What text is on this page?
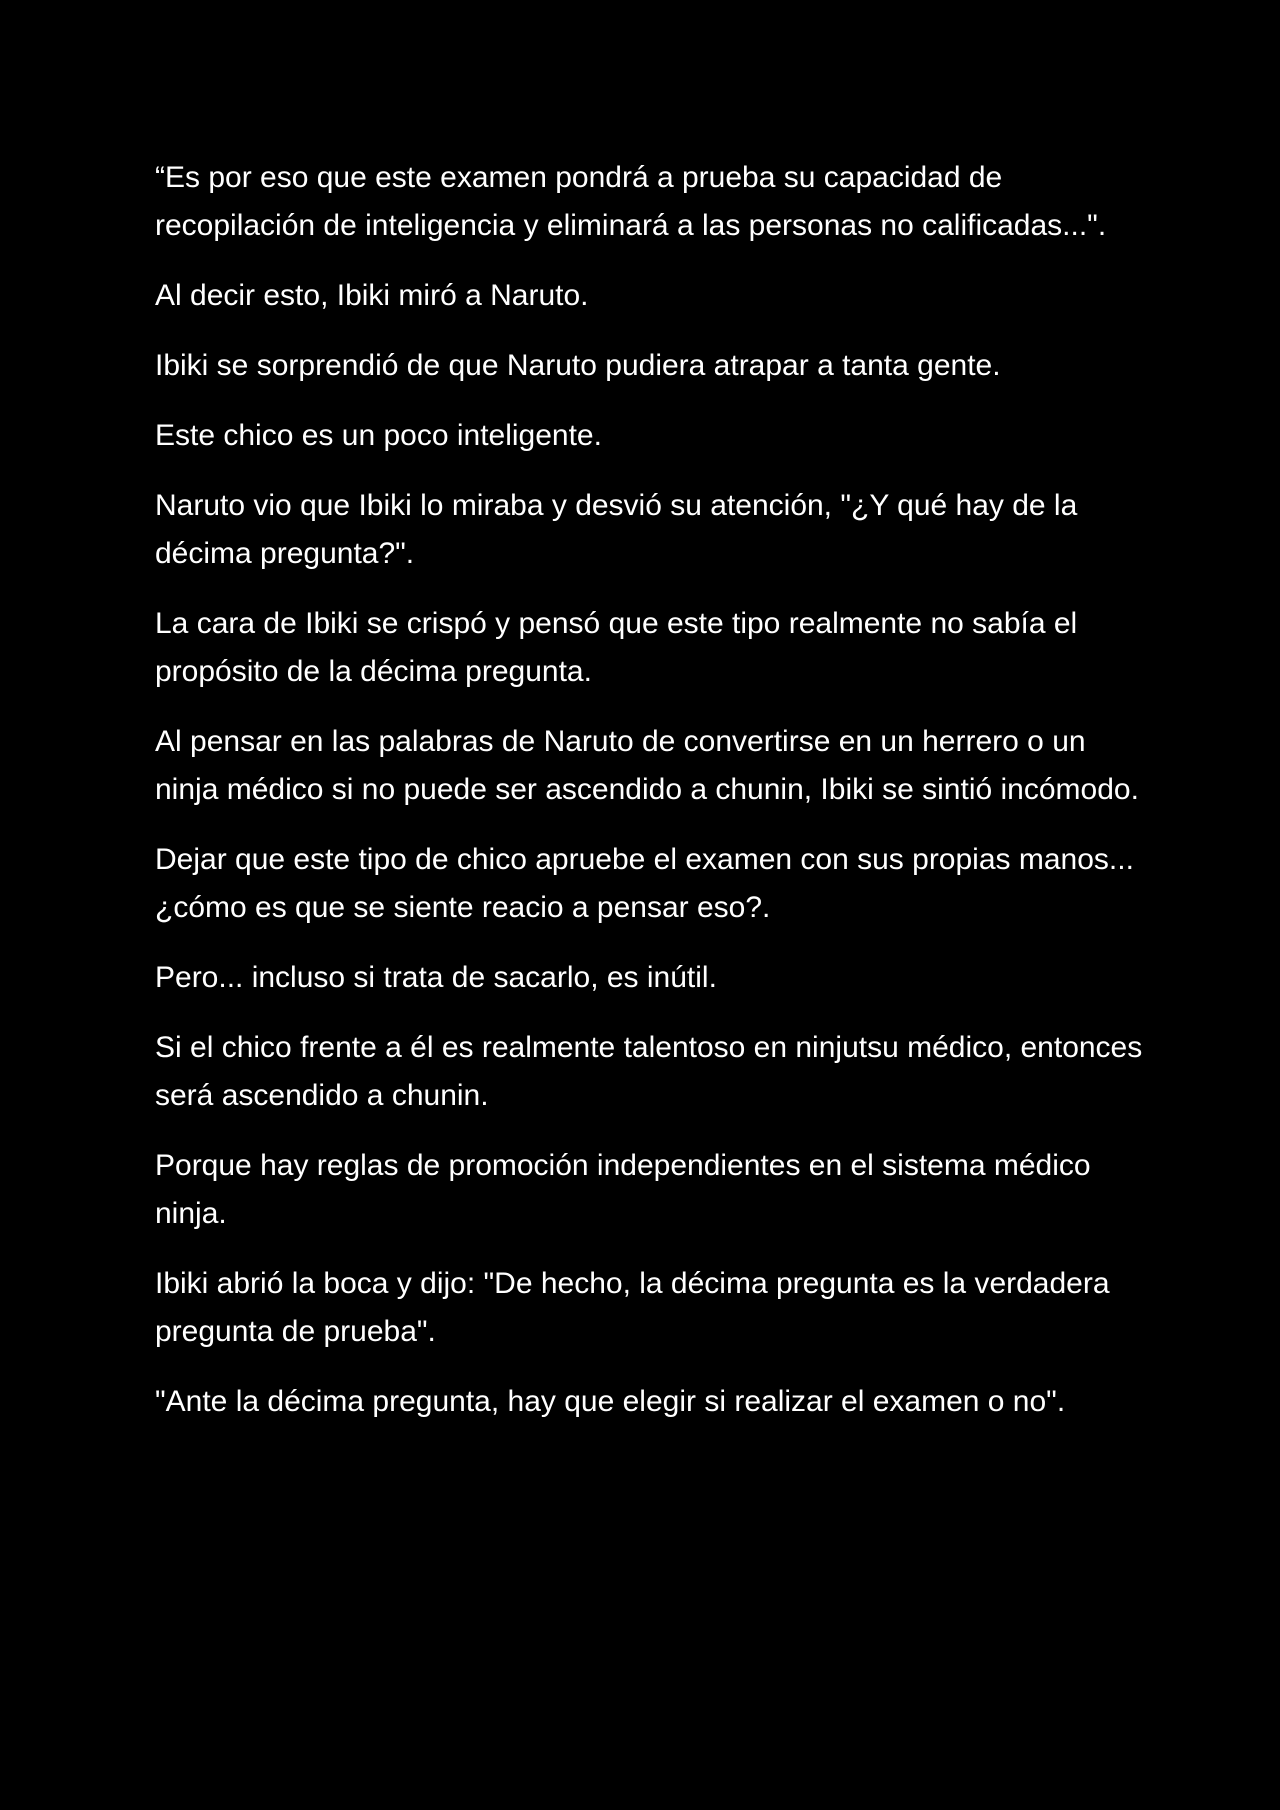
“Es por eso que este examen pondrá a prueba su capacidad de recopilación de inteligencia y eliminará a las personas no calificadas...".

Al decir esto, Ibiki miró a Naruto.

Ibiki se sorprendió de que Naruto pudiera atrapar a tanta gente.

Este chico es un poco inteligente.

Naruto vio que Ibiki lo miraba y desvió su atención, "¿Y qué hay de la décima pregunta?".

La cara de Ibiki se crispó y pensó que este tipo realmente no sabía el propósito de la décima pregunta.

Al pensar en las palabras de Naruto de convertirse en un herrero o un ninja médico si no puede ser ascendido a chunin, Ibiki se sintió incómodo.

Dejar que este tipo de chico apruebe el examen con sus propias manos... ¿cómo es que se siente reacio a pensar eso?.

Pero... incluso si trata de sacarlo, es inútil.

Si el chico frente a él es realmente talentoso en ninjutsu médico, entonces será ascendido a chunin.

Porque hay reglas de promoción independientes en el sistema médico ninja.

Ibiki abrió la boca y dijo: "De hecho, la décima pregunta es la verdadera pregunta de prueba".

"Ante la décima pregunta, hay que elegir si realizar el examen o no".
